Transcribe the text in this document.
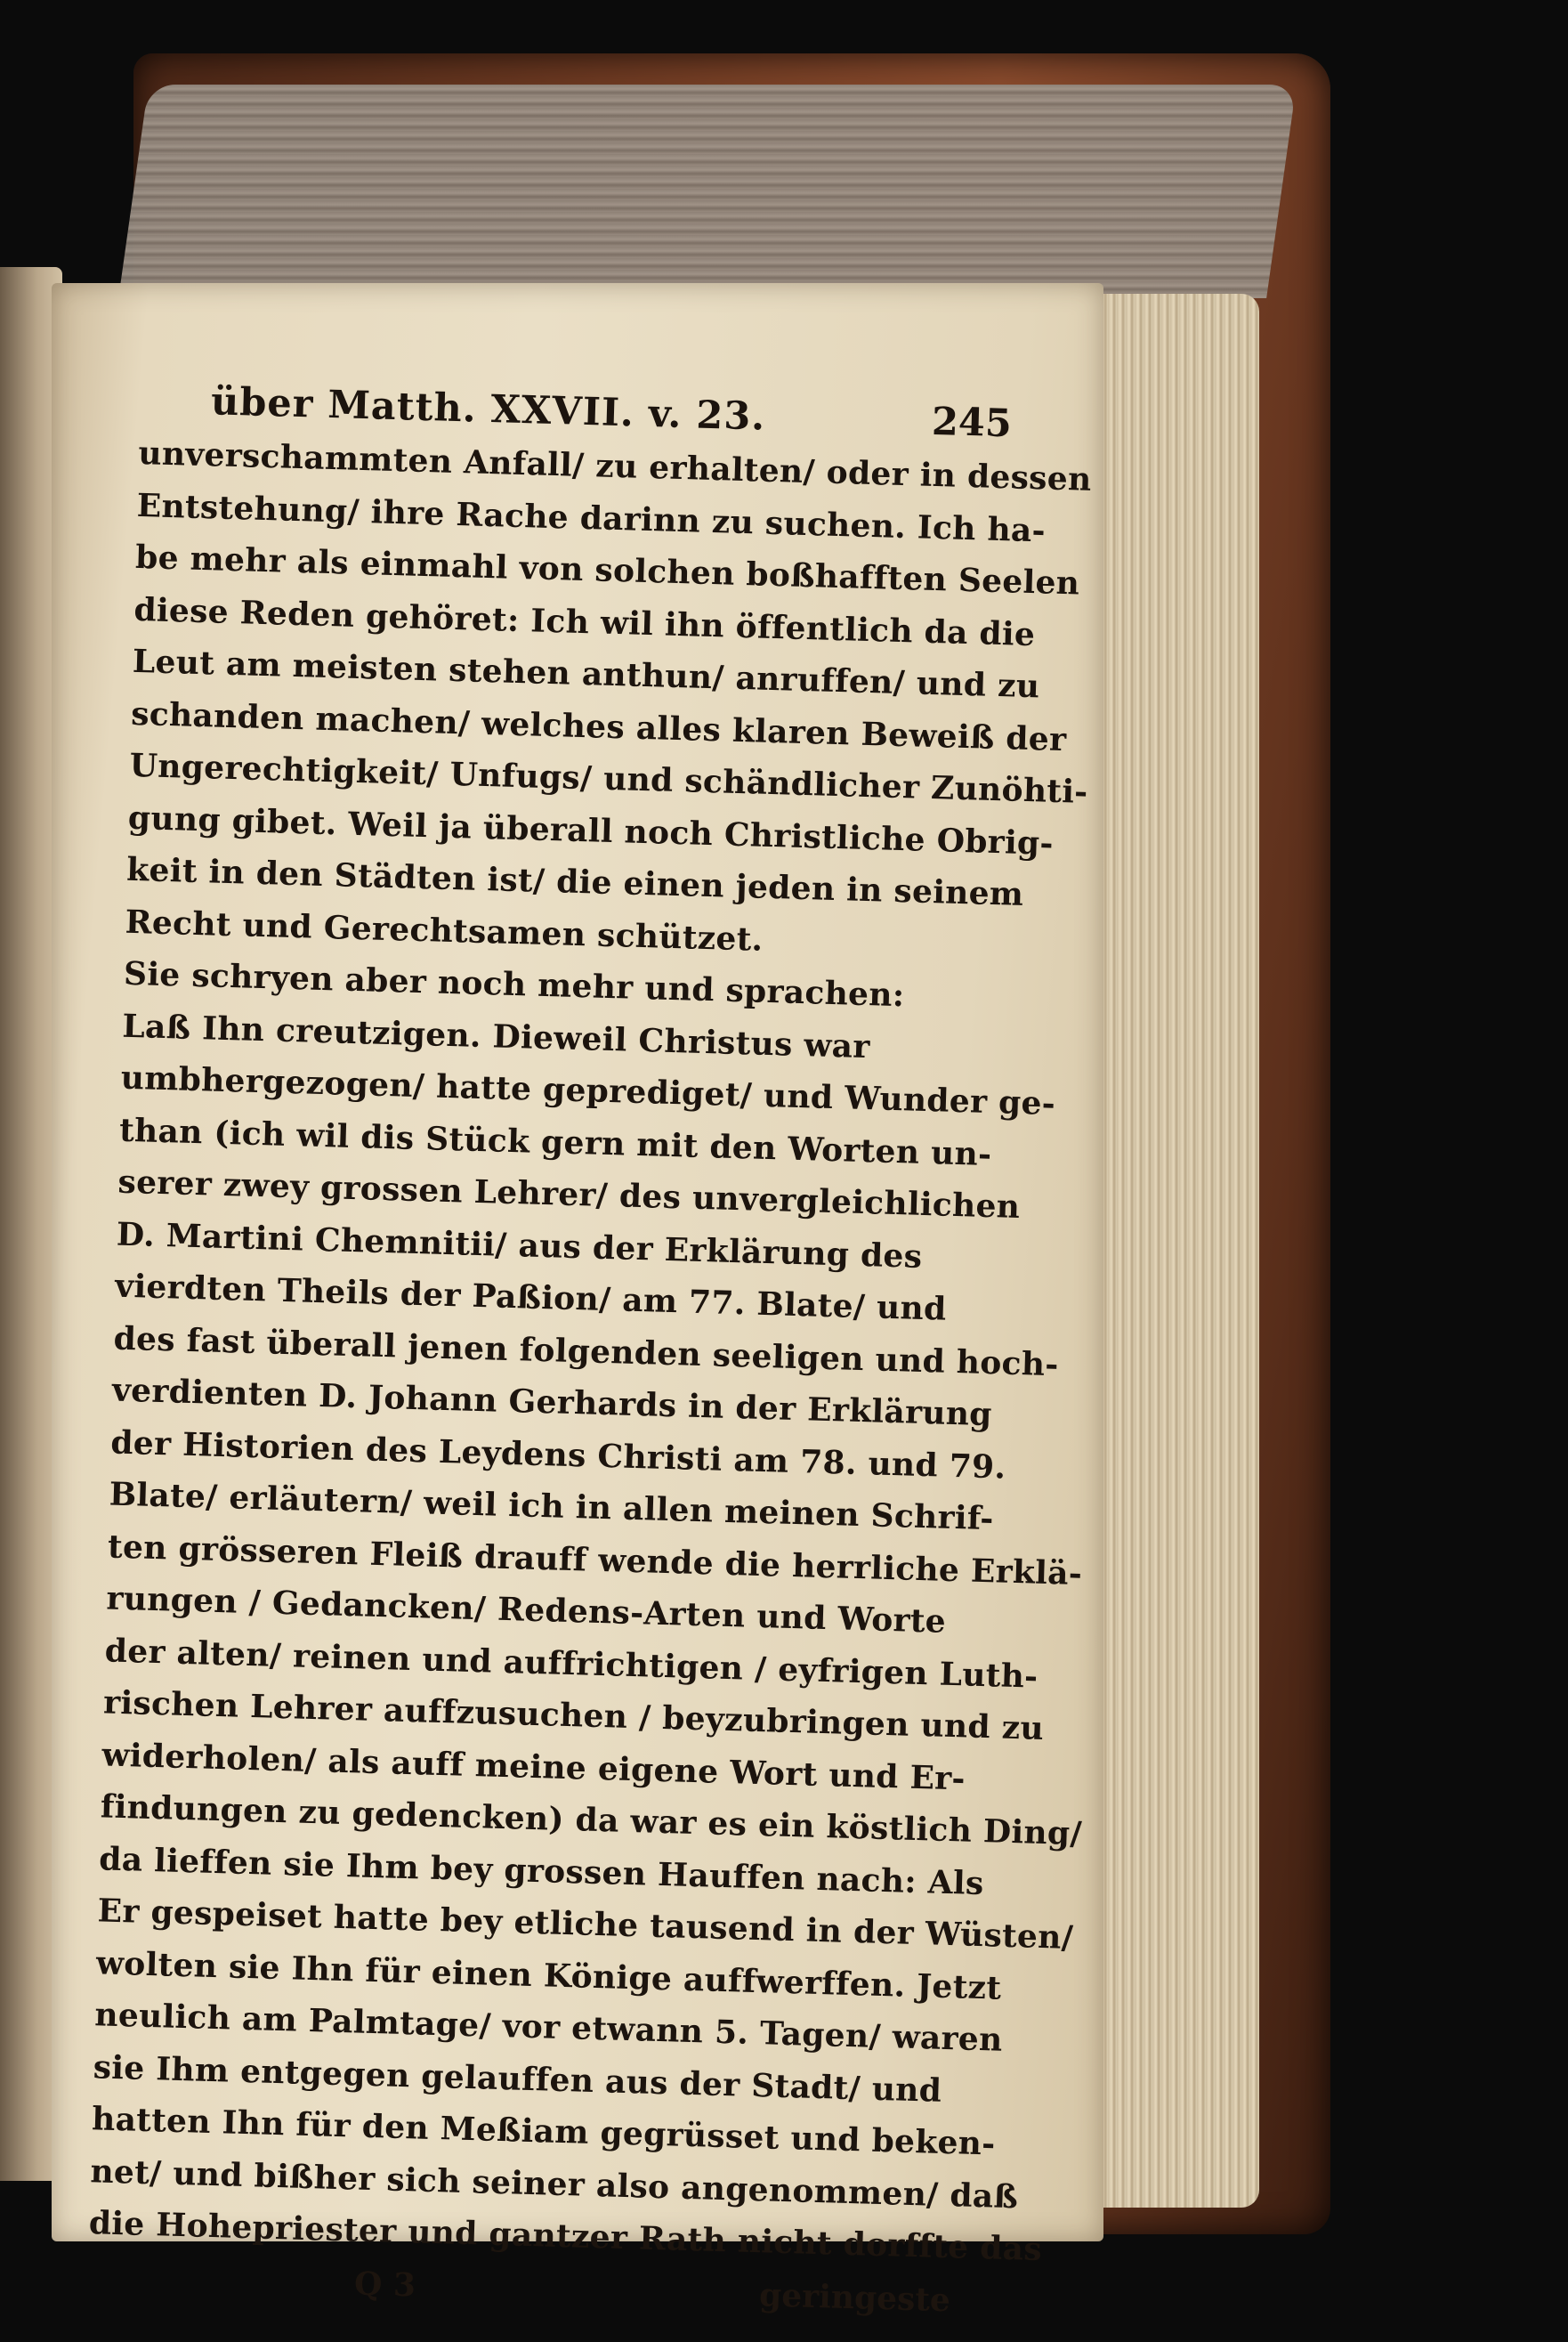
über Matth. XXVII. v. 23.	245
unverschammten Anfall/ zu erhalten/ oder in dessen
Entstehung/ ihre Rache darinn zu suchen. Ich ha-
be mehr als einmahl von solchen boßhafften Seelen
diese Reden gehöret: Ich wil ihn öffentlich da die
Leut am meisten stehen anthun/ anruffen/ und zu
schanden machen/ welches alles klaren Beweiß der
Ungerechtigkeit/ Unfugs/ und schändlicher Zunöhti-
gung gibet. Weil ja überall noch Christliche Obrig-
keit in den Städten ist/ die einen jeden in seinem
Recht und Gerechtsamen schützet.
Sie schryen aber noch mehr und sprachen:
Laß Ihn creutzigen. Dieweil Christus war
umbhergezogen/ hatte geprediget/ und Wunder ge-
than (ich wil dis Stück gern mit den Worten un-
serer zwey grossen Lehrer/ des unvergleichlichen
D. Martini Chemnitii/ aus der Erklärung des
vierdten Theils der Paßion/ am 77. Blate/ und
des fast überall jenen folgenden seeligen und hoch-
verdienten D. Johann Gerhards in der Erklärung
der Historien des Leydens Christi am 78. und 79.
Blate/ erläutern/ weil ich in allen meinen Schrif-
ten grösseren Fleiß drauff wende die herrliche Erklä-
rungen / Gedancken/ Redens-Arten und Worte
der alten/ reinen und auffrichtigen / eyfrigen Luth-
rischen Lehrer auffzusuchen / beyzubringen und zu
widerholen/ als auff meine eigene Wort und Er-
findungen zu gedencken) da war es ein köstlich Ding/
da lieffen sie Ihm bey grossen Hauffen nach: Als
Er gespeiset hatte bey etliche tausend in der Wüsten/
wolten sie Ihn für einen Könige auffwerffen. Jetzt
neulich am Palmtage/ vor etwann 5. Tagen/ waren
sie Ihm entgegen gelauffen aus der Stadt/ und
hatten Ihn für den Meßiam gegrüsset und beken-
net/ und bißher sich seiner also angenommen/ daß
die Hohepriester und gantzer Rath nicht dorffte das
Q 3	geringeste
